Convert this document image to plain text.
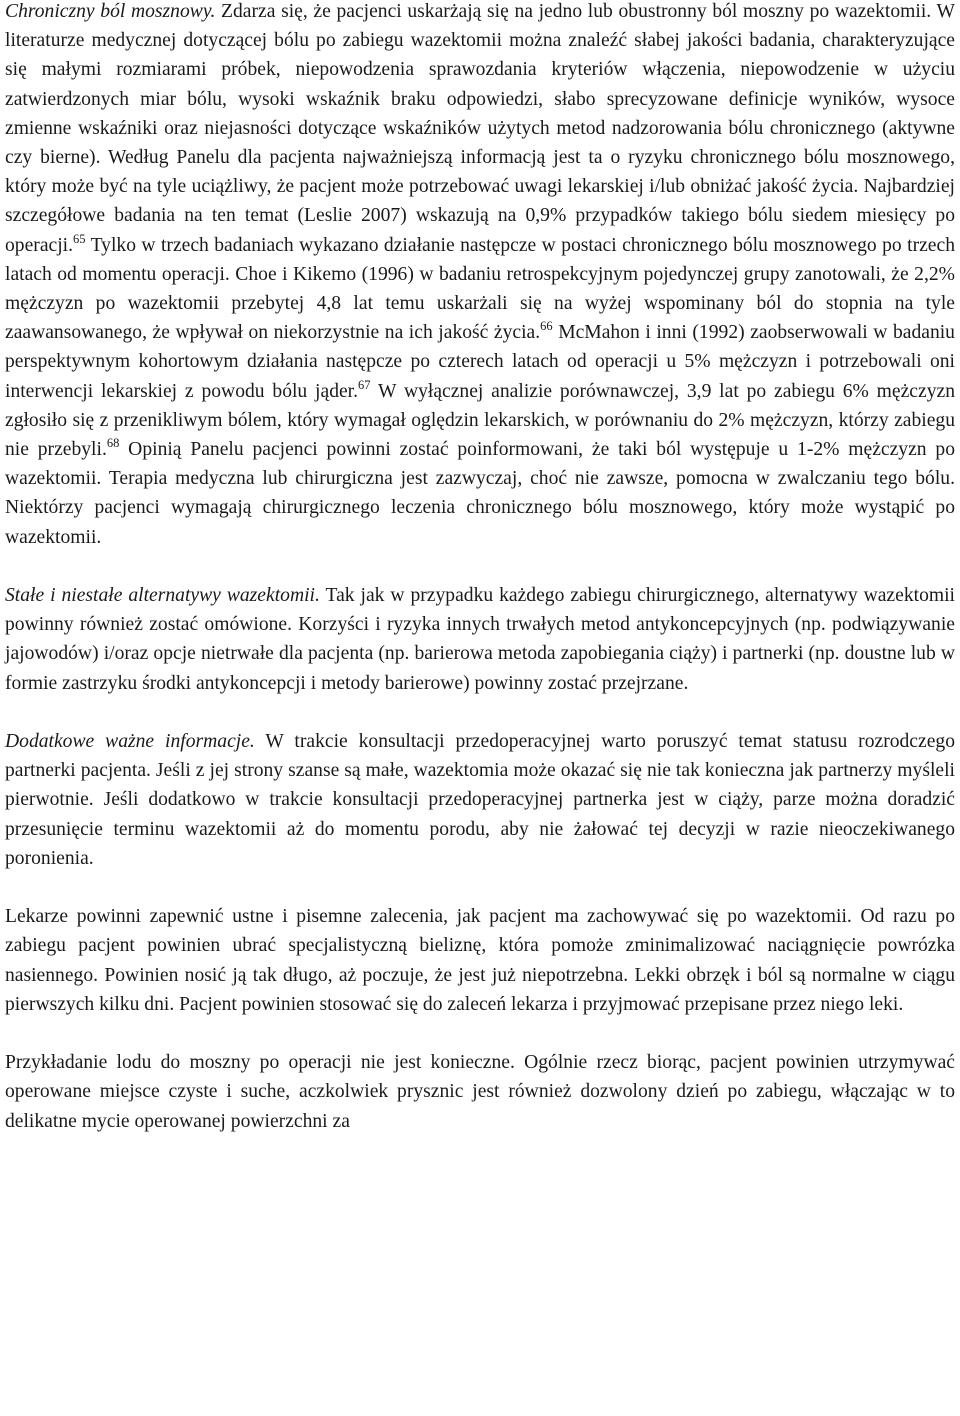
Chroniczny ból mosznowy. Zdarza się, że pacjenci uskarżają się na jedno lub obustronny ból moszny po wazektomii. W literaturze medycznej dotyczącej bólu po zabiegu wazektomii można znaleźć słabej jakości badania, charakteryzujące się małymi rozmiarami próbek, niepowodzenia sprawozdania kryteriów włączenia, niepowodzenie w użyciu zatwierdzonych miar bólu, wysoki wskaźnik braku odpowiedzi, słabo sprecyzowane definicje wyników, wysoce zmienne wskaźniki oraz niejasności dotyczące wskaźników użytych metod nadzorowania bólu chronicznego (aktywne czy bierne). Według Panelu dla pacjenta najważniejszą informacją jest ta o ryzyku chronicznego bólu mosznowego, który może być na tyle uciążliwy, że pacjent może potrzebować uwagi lekarskiej i/lub obniżać jakość życia. Najbardziej szczegółowe badania na ten temat (Leslie 2007) wskazują na 0,9% przypadków takiego bólu siedem miesięcy po operacji.$^{65}$ Tylko w trzech badaniach wykazano działanie następcze w postaci chronicznego bólu mosznowego po trzech latach od momentu operacji. Choe i Kikemo (1996) w badaniu retrospekcyjnym pojedynczej grupy zanotowali, że 2,2% mężczyzn po wazektomii przebytej 4,8 lat temu uskarżali się na wyżej wspominany ból do stopnia na tyle zaawansowanego, że wpływał on niekorzystnie na ich jakość życia.$^{66}$ McMahon i inni (1992) zaobserwowali w badaniu perspektywnym kohortowym działania następcze po czterech latach od operacji u 5% mężczyzn i potrzebowali oni interwencji lekarskiej z powodu bólu jąder.$^{67}$ W wyłącznej analizie porównawczej, 3,9 lat po zabiegu 6% mężczyzn zgłosiło się z przenikliwym bólem, który wymagał oględzin lekarskich, w porównaniu do 2% mężczyzn, którzy zabiegu nie przebyli.$^{68}$ Opinią Panelu pacjenci powinni zostać poinformowani, że taki ból występuje u 1-2% mężczyzn po wazektomii. Terapia medyczna lub chirurgiczna jest zazwyczaj, choć nie zawsze, pomocna w zwalczaniu tego bólu. Niektórzy pacjenci wymagają chirurgicznego leczenia chronicznego bólu mosznowego, który może wystąpić po wazektomii.

Stałe i niestałe alternatywy wazektomii. Tak jak w przypadku każdego zabiegu chirurgicznego, alternatywy wazektomii powinny również zostać omówione. Korzyści i ryzyka innych trwałych metod antykoncepcyjnych (np. podwiązywanie jajowodów) i/oraz opcje nietrwałe dla pacjenta (np. barierowa metoda zapobiegania ciąży) i partnerki (np. doustne lub w formie zastrzyku środki antykoncepcji i metody barierowe) powinny zostać przejrzane.

Dodatkowe ważne informacje. W trakcie konsultacji przedoperacyjnej warto poruszyć temat statusu rozrodczego partnerki pacjenta. Jeśli z jej strony szanse są małe, wazektomia może okazać się nie tak konieczna jak partnerzy myśleli pierwotnie. Jeśli dodatkowo w trakcie konsultacji przedoperacyjnej partnerka jest w ciąży, parze można doradzić przesunięcie terminu wazektomii aż do momentu porodu, aby nie żałować tej decyzji w razie nieoczekiwanego poronienia.

Lekarze powinni zapewnić ustne i pisemne zalecenia, jak pacjent ma zachowywać się po wazektomii. Od razu po zabiegu pacjent powinien ubrać specjalistyczną bieliznę, która pomoże zminimalizować naciągnięcie powrózka nasiennego. Powinien nosić ją tak długo, aż poczuje, że jest już niepotrzebna. Lekki obrzęk i ból są normalne w ciągu pierwszych kilku dni. Pacjent powinien stosować się do zaleceń lekarza i przyjmować przepisane przez niego leki.

Przykładanie lodu do moszny po operacji nie jest konieczne. Ogólnie rzecz biorąc, pacjent powinien utrzymywać operowane miejsce czyste i suche, aczkolwiek prysznic jest również dozwolony dzień po zabiegu, włączając w to delikatne mycie operowanej powierzchni za
